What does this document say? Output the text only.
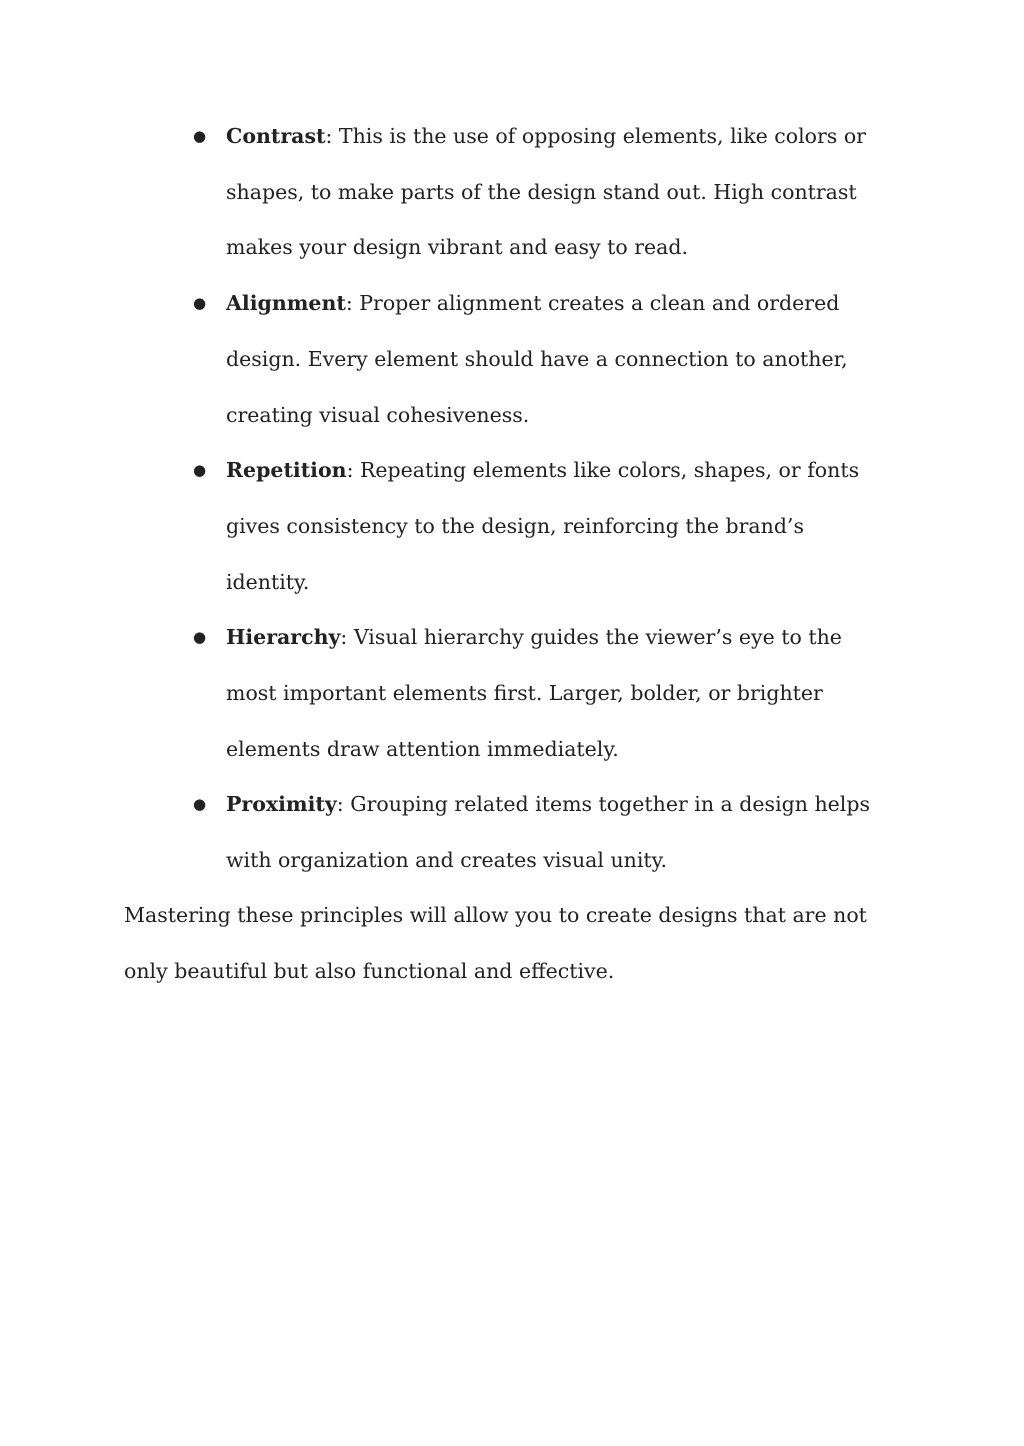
● Contrast: This is the use of opposing elements, like colors or shapes, to make parts of the design stand out. High contrast makes your design vibrant and easy to read.
● Alignment: Proper alignment creates a clean and ordered design. Every element should have a connection to another, creating visual cohesiveness.
● Repetition: Repeating elements like colors, shapes, or fonts gives consistency to the design, reinforcing the brand’s identity.
● Hierarchy: Visual hierarchy guides the viewer’s eye to the most important elements first. Larger, bolder, or brighter elements draw attention immediately.
● Proximity: Grouping related items together in a design helps with organization and creates visual unity.

Mastering these principles will allow you to create designs that are not only beautiful but also functional and effective.
